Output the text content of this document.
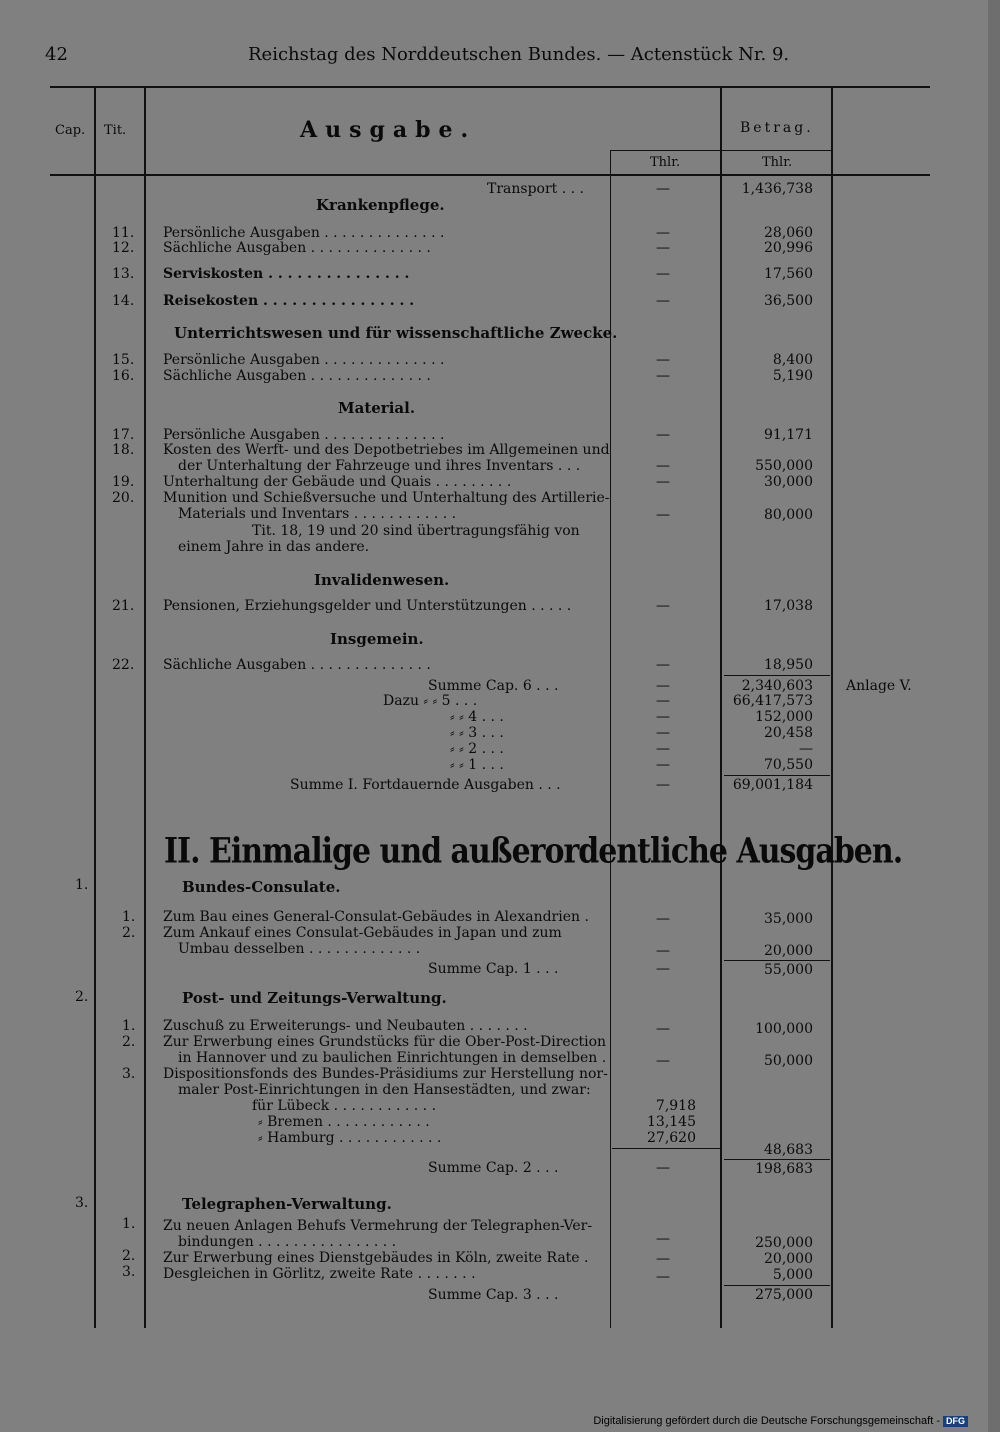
42	Reichstag des Norddeutschen Bundes. — Actenstück Nr. 9.
Cap. Tit.	Ausgabe.	Betrag.
Thlr.	Thlr.
Transport . . .	—	1,436,738
Krankenpflege.
11. Persönliche Ausgaben . . . . . . . . . . . . . .	—	28,060
12. Sächliche Ausgaben . . . . . . . . . . . . . .	—	20,996
13. Serviskosten . . . . . . . . . . . . . . .	—	17,560
14. Reisekosten . . . . . . . . . . . . . . . .	—	36,500
Unterrichtswesen und für wissenschaftliche Zwecke.
15. Persönliche Ausgaben . . . . . . . . . . . . . .	—	8,400
16. Sächliche Ausgaben . . . . . . . . . . . . . .	—	5,190
Material.
17. Persönliche Ausgaben . . . . . . . . . . . . . .	—	91,171
18. Kosten des Werft- und des Depotbetriebes im Allgemeinen und
der Unterhaltung der Fahrzeuge und ihres Inventars . . .	—	550,000
19. Unterhaltung der Gebäude und Quais . . . . . . . . .	—	30,000
20. Munition und Schießversuche und Unterhaltung des Artillerie-
Materials und Inventars . . . . . . . . . . . .	—	80,000
Tit. 18, 19 und 20 sind übertragungsfähig von
einem Jahre in das andere.
Invalidenwesen.
21. Pensionen, Erziehungsgelder und Unterstützungen . . . . .	—	17,038
Insgemein.
22. Sächliche Ausgaben . . . . . . . . . . . . . .	—	18,950
Summe Cap. 6 . . .	—	2,340,603 Anlage V.
Dazu ⸗ ⸗ 5 . . .	—	66,417,573
⸗ ⸗ 4 . . .	—	152,000
⸗ ⸗ 3 . . .	—	20,458
⸗ ⸗ 2 . . .	—	—
⸗ ⸗ 1 . . .	—	70,550
Summe I. Fortdauernde Ausgaben . . .	—	69,001,184
II. Einmalige und außerordentliche Ausgaben.
1.	Bundes-Consulate.
1. Zum Bau eines General-Consulat-Gebäudes in Alexandrien .	—	35,000
2. Zum Ankauf eines Consulat-Gebäudes in Japan und zum
Umbau desselben . . . . . . . . . . . . .	—	20,000
Summe Cap. 1 . . .	—	55,000
2.	Post- und Zeitungs-Verwaltung.
1. Zuschuß zu Erweiterungs- und Neubauten . . . . . . .	—	100,000
2. Zur Erwerbung eines Grundstücks für die Ober-Post-Direction
in Hannover und zu baulichen Einrichtungen in demselben .	—	50,000
3. Dispositionsfonds des Bundes-Präsidiums zur Herstellung nor-
maler Post-Einrichtungen in den Hansestädten, und zwar:
für Lübeck . . . . . . . . . . . .	7,918
⸗ Bremen . . . . . . . . . . . .	13,145
⸗ Hamburg . . . . . . . . . . . .	27,620
48,683
Summe Cap. 2 . . .	—	198,683
3.	Telegraphen-Verwaltung.
1. Zu neuen Anlagen Behufs Vermehrung der Telegraphen-Ver-
bindungen . . . . . . . . . . . . . . . .	—	250,000
2. Zur Erwerbung eines Dienstgebäudes in Köln, zweite Rate .	—	20,000
3. Desgleichen in Görlitz, zweite Rate . . . . . . .	—	5,000
Summe Cap. 3 . . .	275,000
Digitalisierung gefördert durch die Deutsche Forschungsgemeinschaft - DFG
